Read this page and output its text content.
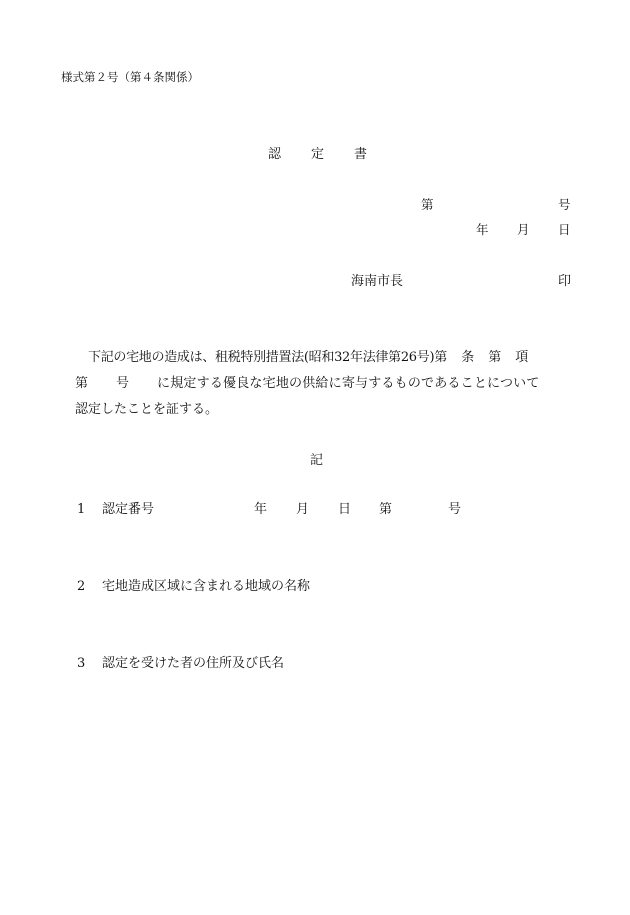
様式第２号（第４条関係）
認 定 書
第	号
年 月 日
海南市長	印
下記の宅地の造成は、租税特別措置法(昭和32年法律第26号)第 条 第 項
第 号 に規定する優良な宅地の供給に寄与するものであることについて
認定したことを証する。
記
1 認定番号	年 月 日 第	号
2 宅地造成区域に含まれる地域の名称
3 認定を受けた者の住所及び氏名
